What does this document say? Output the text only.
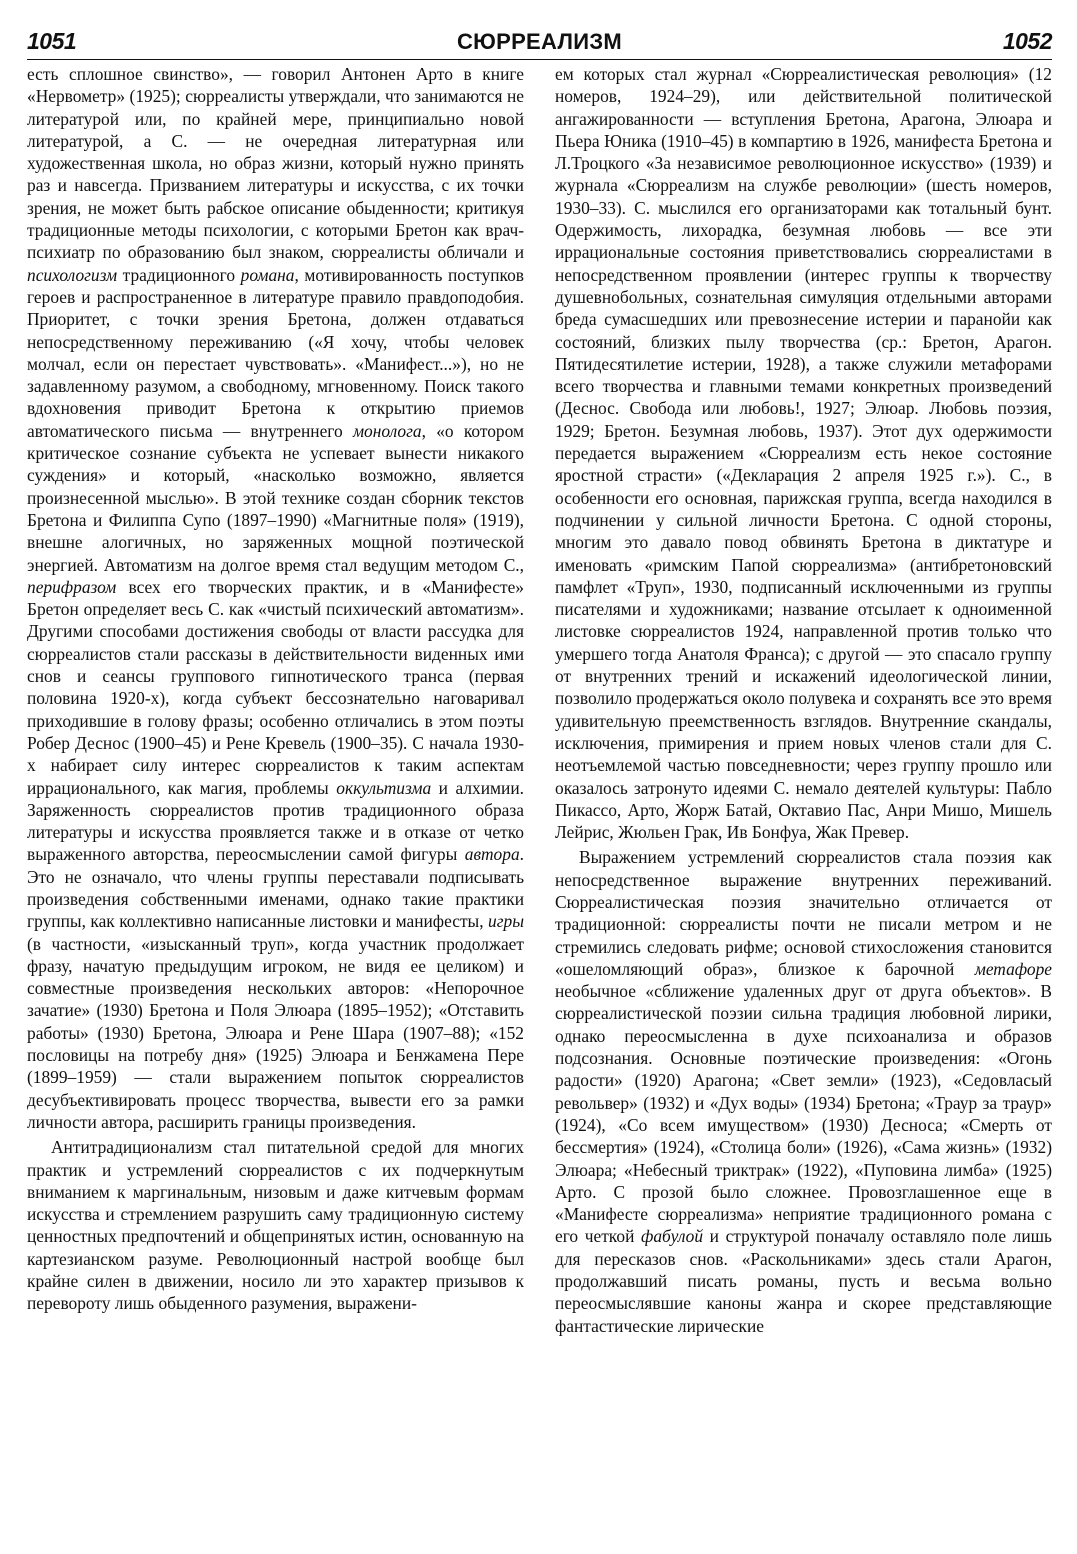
1051	СЮРРЕАЛИЗМ	1052

есть сплошное свинство», — говорил Антонен Арто в книге «Нервометр» (1925); сюрреалисты утверждали, что занимаются не литературой или, по крайней мере, принципиально новой литературой, а С. — не очередная литературная или художественная школа, но образ жизни, который нужно принять раз и навсегда. Призванием литературы и искусства, с их точки зрения, не может быть рабское описание обыденности; критикуя традиционные методы психологии, с которыми Бретон как врач-психиатр по образованию был знаком, сюрреалисты обличали и психологизм традиционного романа, мотивированность поступков героев и распространенное в литературе правило правдоподобия. Приоритет, с точки зрения Бретона, должен отдаваться непосредственному переживанию («Я хочу, чтобы человек молчал, если он перестает чувствовать». «Манифест...»), но не задавленному разумом, а свободному, мгновенному. Поиск такого вдохновения приводит Бретона к открытию приемов автоматического письма — внутреннего монолога, «о котором критическое сознание субъекта не успевает вынести никакого суждения» и который, «насколько возможно, является произнесенной мыслью». В этой технике создан сборник текстов Бретона и Филиппа Супо (1897–1990) «Магнитные поля» (1919), внешне алогичных, но заряженных мощной поэтической энергией. Автоматизм на долгое время стал ведущим методом С., перифразом всех его творческих практик, и в «Манифесте» Бретон определяет весь С. как «чистый психический автоматизм». Другими способами достижения свободы от власти рассудка для сюрреалистов стали рассказы в действительности виденных ими снов и сеансы группового гипнотического транса (первая половина 1920-х), когда субъект бессознательно наговаривал приходившие в голову фразы; особенно отличались в этом поэты Робер Деснос (1900–45) и Рене Кревель (1900–35). С начала 1930-х набирает силу интерес сюрреалистов к таким аспектам иррационального, как магия, проблемы оккультизма и алхимии. Заряженность сюрреалистов против традиционного образа литературы и искусства проявляется также и в отказе от четко выраженного авторства, переосмыслении самой фигуры автора. Это не означало, что члены группы переставали подписывать произведения собственными именами, однако такие практики группы, как коллективно написанные листовки и манифесты, игры (в частности, «изысканный труп», когда участник продолжает фразу, начатую предыдущим игроком, не видя ее целиком) и совместные произведения нескольких авторов: «Непорочное зачатие» (1930) Бретона и Поля Элюара (1895–1952); «Отставить работы» (1930) Бретона, Элюара и Рене Шара (1907–88); «152 пословицы на потребу дня» (1925) Элюара и Бенжамена Пере (1899–1959) — стали выражением попыток сюрреалистов десубъективировать процесс творчества, вывести его за рамки личности автора, расширить границы произведения.

Антитрадиционализм стал питательной средой для многих практик и устремлений сюрреалистов с их подчеркнутым вниманием к маргинальным, низовым и даже китчевым формам искусства и стремлением разрушить саму традиционную систему ценностных предпочтений и общепринятых истин, основанную на картезианском разуме. Революционный настрой вообще был крайне силен в движении, носило ли это характер призывов к перевороту лишь обыденного разумения, выражени-

ем которых стал журнал «Сюрреалистическая революция» (12 номеров, 1924–29), или действительной политической ангажированности — вступления Бретона, Арагона, Элюара и Пьера Юника (1910–45) в компартию в 1926, манифеста Бретона и Л.Троцкого «За независимое революционное искусство» (1939) и журнала «Сюрреализм на службе революции» (шесть номеров, 1930–33). С. мыслился его организаторами как тотальный бунт. Одержимость, лихорадка, безумная любовь — все эти иррациональные состояния приветствовались сюрреалистами в непосредственном проявлении (интерес группы к творчеству душевнобольных, сознательная симуляция отдельными авторами бреда сумасшедших или превознесение истерии и паранойи как состояний, близких пылу творчества (ср.: Бретон, Арагон. Пятидесятилетие истерии, 1928), а также служили метафорами всего творчества и главными темами конкретных произведений (Деснос. Свобода или любовь!, 1927; Элюар. Любовь поэзия, 1929; Бретон. Безумная любовь, 1937). Этот дух одержимости передается выражением «Сюрреализм есть некое состояние яростной страсти» («Декларация 2 апреля 1925 г.»). С., в особенности его основная, парижская группа, всегда находился в подчинении у сильной личности Бретона. С одной стороны, многим это давало повод обвинять Бретона в диктатуре и именовать «римским Папой сюрреализма» (антибретоновский памфлет «Труп», 1930, подписанный исключенными из группы писателями и художниками; название отсылает к одноименной листовке сюрреалистов 1924, направленной против только что умершего тогда Анатоля Франса); с другой — это спасало группу от внутренних трений и искажений идеологической линии, позволило продержаться около полувека и сохранять все это время удивительную преемственность взглядов. Внутренние скандалы, исключения, примирения и прием новых членов стали для С. неотъемлемой частью повседневности; через группу прошло или оказалось затронуто идеями С. немало деятелей культуры: Пабло Пикассо, Арто, Жорж Батай, Октавио Пас, Анри Мишо, Мишель Лейрис, Жюльен Грак, Ив Бонфуа, Жак Превер.

Выражением устремлений сюрреалистов стала поэзия как непосредственное выражение внутренних переживаний. Сюрреалистическая поэзия значительно отличается от традиционной: сюрреалисты почти не писали метром и не стремились следовать рифме; основой стихосложения становится «ошеломляющий образ», близкое к барочной метафоре необычное «сближение удаленных друг от друга объектов». В сюрреалистической поэзии сильна традиция любовной лирики, однако переосмысленна в духе психоанализа и образов подсознания. Основные поэтические произведения: «Огонь радости» (1920) Арагона; «Свет земли» (1923), «Седовласый револьвер» (1932) и «Дух воды» (1934) Бретона; «Траур за траур» (1924), «Со всем имуществом» (1930) Десноса; «Смерть от бессмертия» (1924), «Столица боли» (1926), «Сама жизнь» (1932) Элюара; «Небесный триктрак» (1922), «Пуповина лимба» (1925) Арто. С прозой было сложнее. Провозглашенное еще в «Манифесте сюрреализма» неприятие традиционного романа с его четкой фабулой и структурой поначалу оставляло поле лишь для пересказов снов. «Раскольниками» здесь стали Арагон, продолжавший писать романы, пусть и весьма вольно переосмыслявшие каноны жанра и скорее представляющие фантастические лирические
